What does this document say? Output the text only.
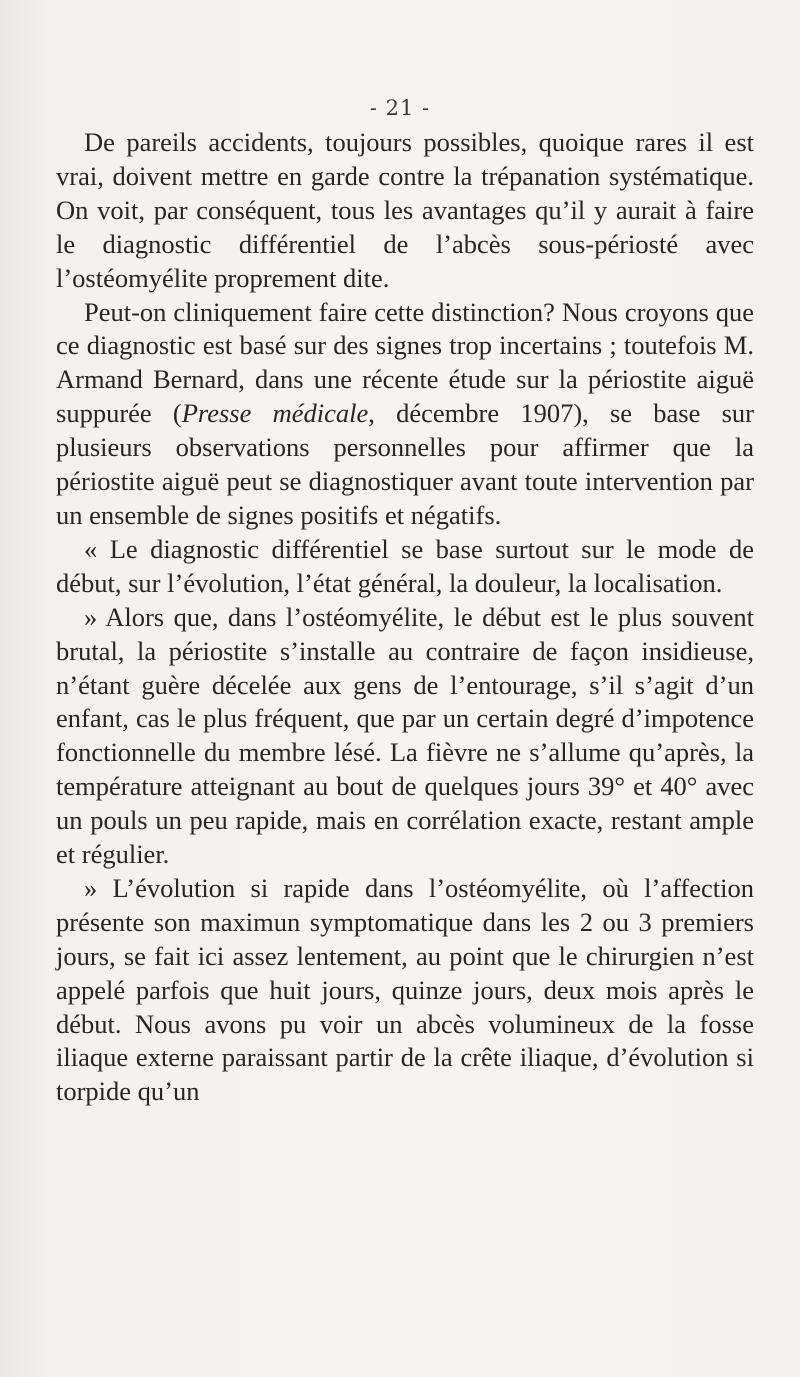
- 21 -

De pareils accidents, toujours possibles, quoique rares il est vrai, doivent mettre en garde contre la trépanation systématique. On voit, par conséquent, tous les avantages qu’il y aurait à faire le diagnostic différentiel de l’abcès sous-périosté avec l’ostéomyélite proprement dite.

Peut-on cliniquement faire cette distinction? Nous croyons que ce diagnostic est basé sur des signes trop incertains ; toutefois M. Armand Bernard, dans une récente étude sur la périostite aiguë suppurée (Presse médicale, décembre 1907), se base sur plusieurs observations personnelles pour affirmer que la périostite aiguë peut se diagnostiquer avant toute intervention par un ensemble de signes positifs et négatifs.

« Le diagnostic différentiel se base surtout sur le mode de début, sur l’évolution, l’état général, la douleur, la localisation.

» Alors que, dans l’ostéomyélite, le début est le plus souvent brutal, la périostite s’installe au contraire de façon insidieuse, n’étant guère décelée aux gens de l’entourage, s’il s’agit d’un enfant, cas le plus fréquent, que par un certain degré d’impotence fonctionnelle du membre lésé. La fièvre ne s’allume qu’après, la température atteignant au bout de quelques jours 39° et 40° avec un pouls un peu rapide, mais en corrélation exacte, restant ample et régulier.

» L’évolution si rapide dans l’ostéomyélite, où l’affection présente son maximun symptomatique dans les 2 ou 3 premiers jours, se fait ici assez lentement, au point que le chirurgien n’est appelé parfois que huit jours, quinze jours, deux mois après le début. Nous avons pu voir un abcès volumineux de la fosse iliaque externe paraissant partir de la crête iliaque, d’évolution si torpide qu’un
